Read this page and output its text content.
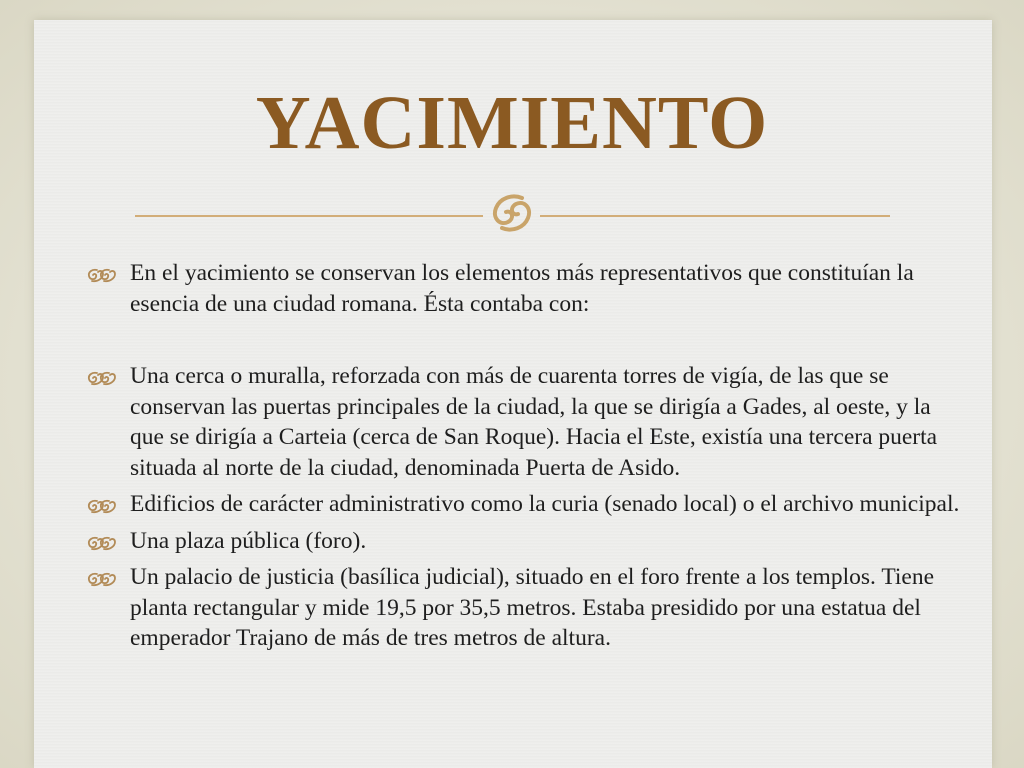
YACIMIENTO
En el yacimiento se conservan los elementos más representativos que constituían la esencia de una ciudad romana. Ésta contaba con:
Una cerca o muralla, reforzada con más de cuarenta torres de vigía, de las que se conservan las puertas principales de la ciudad, la que se dirigía a Gades, al oeste, y la que se dirigía a Carteia (cerca de San Roque). Hacia el Este, existía una tercera puerta situada al norte de la ciudad, denominada Puerta de Asido.
Edificios de carácter administrativo como la curia (senado local) o el archivo municipal.
Una plaza pública (foro).
Un palacio de justicia (basílica judicial), situado en el foro frente a los templos. Tiene planta rectangular y mide 19,5 por 35,5 metros. Estaba presidido por una estatua del emperador Trajano de más de tres metros de altura.
